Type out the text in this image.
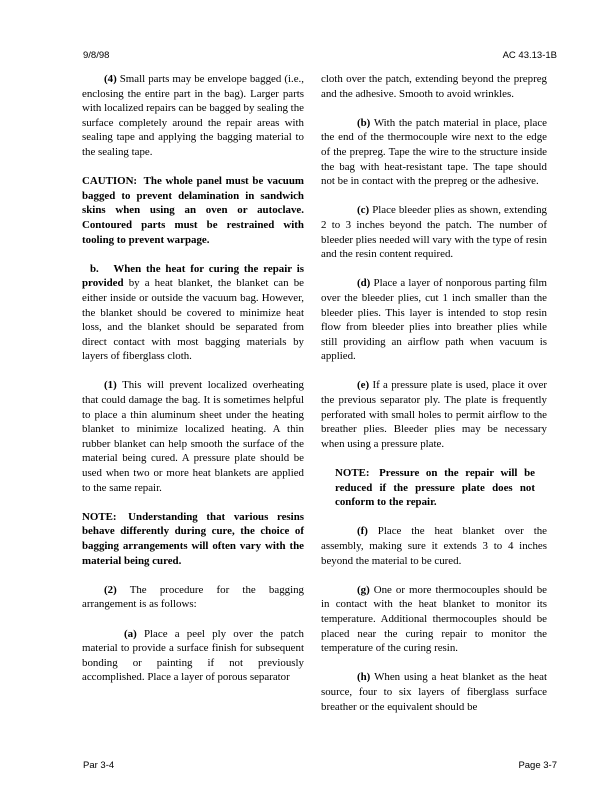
9/8/98	AC 43.13-1B

(4) Small parts may be envelope bagged (i.e., enclosing the entire part in the bag). Larger parts with localized repairs can be bagged by sealing the surface completely around the repair areas with sealing tape and applying the bagging material to the sealing tape.

CAUTION: The whole panel must be vacuum bagged to prevent delamination in sandwich skins when using an oven or autoclave. Contoured parts must be restrained with tooling to prevent warpage.

b. When the heat for curing the repair is provided by a heat blanket, the blanket can be either inside or outside the vacuum bag. However, the blanket should be covered to minimize heat loss, and the blanket should be separated from direct contact with most bagging materials by layers of fiberglass cloth.

(1) This will prevent localized overheating that could damage the bag. It is sometimes helpful to place a thin aluminum sheet under the heating blanket to minimize localized heating. A thin rubber blanket can help smooth the surface of the material being cured. A pressure plate should be used when two or more heat blankets are applied to the same repair.

NOTE: Understanding that various resins behave differently during cure, the choice of bagging arrangements will often vary with the material being cured.

(2) The procedure for the bagging arrangement is as follows:

(a) Place a peel ply over the patch material to provide a surface finish for subsequent bonding or painting if not previously accomplished. Place a layer of porous separator

cloth over the patch, extending beyond the prepreg and the adhesive. Smooth to avoid wrinkles.

(b) With the patch material in place, place the end of the thermocouple wire next to the edge of the prepreg. Tape the wire to the structure inside the bag with heat-resistant tape. The tape should not be in contact with the prepreg or the adhesive.

(c) Place bleeder plies as shown, extending 2 to 3 inches beyond the patch. The number of bleeder plies needed will vary with the type of resin and the resin content required.

(d) Place a layer of nonporous parting film over the bleeder plies, cut 1 inch smaller than the bleeder plies. This layer is intended to stop resin flow from bleeder plies into breather plies while still providing an airflow path when vacuum is applied.

(e) If a pressure plate is used, place it over the previous separator ply. The plate is frequently perforated with small holes to permit airflow to the breather plies. Bleeder plies may be necessary when using a pressure plate.

NOTE: Pressure on the repair will be reduced if the pressure plate does not conform to the repair.

(f) Place the heat blanket over the assembly, making sure it extends 3 to 4 inches beyond the material to be cured.

(g) One or more thermocouples should be in contact with the heat blanket to monitor its temperature. Additional thermocouples should be placed near the curing repair to monitor the temperature of the curing resin.

(h) When using a heat blanket as the heat source, four to six layers of fiberglass surface breather or the equivalent should be

Par 3-4	Page 3-7
